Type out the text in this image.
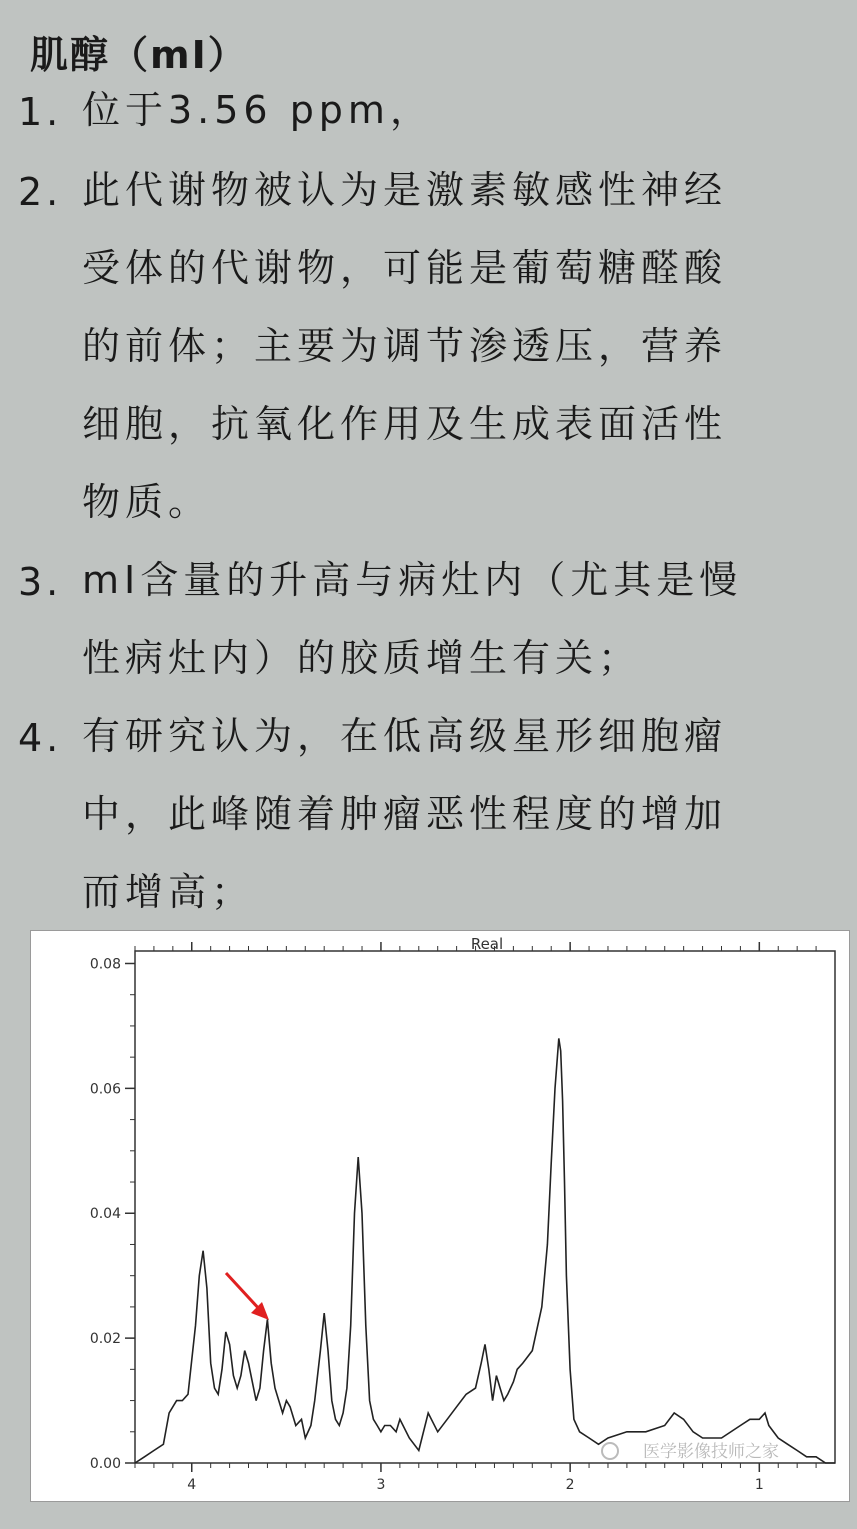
肌醇（mI）
1. 位于3.56 ppm，
2. 此代谢物被认为是激素敏感性神经
受体的代谢物，可能是葡萄糖醛酸
的前体；主要为调节渗透压，营养
细胞，抗氧化作用及生成表面活性
物质。
3. mI含量的升高与病灶内（尤其是慢
性病灶内）的胶质增生有关；
4. 有研究认为，在低高级星形细胞瘤
中，此峰随着肿瘤恶性程度的增加
而增高；
Real
0.00
0.02
0.04
0.06
0.08
4	3	2	1
医学影像技师之家
